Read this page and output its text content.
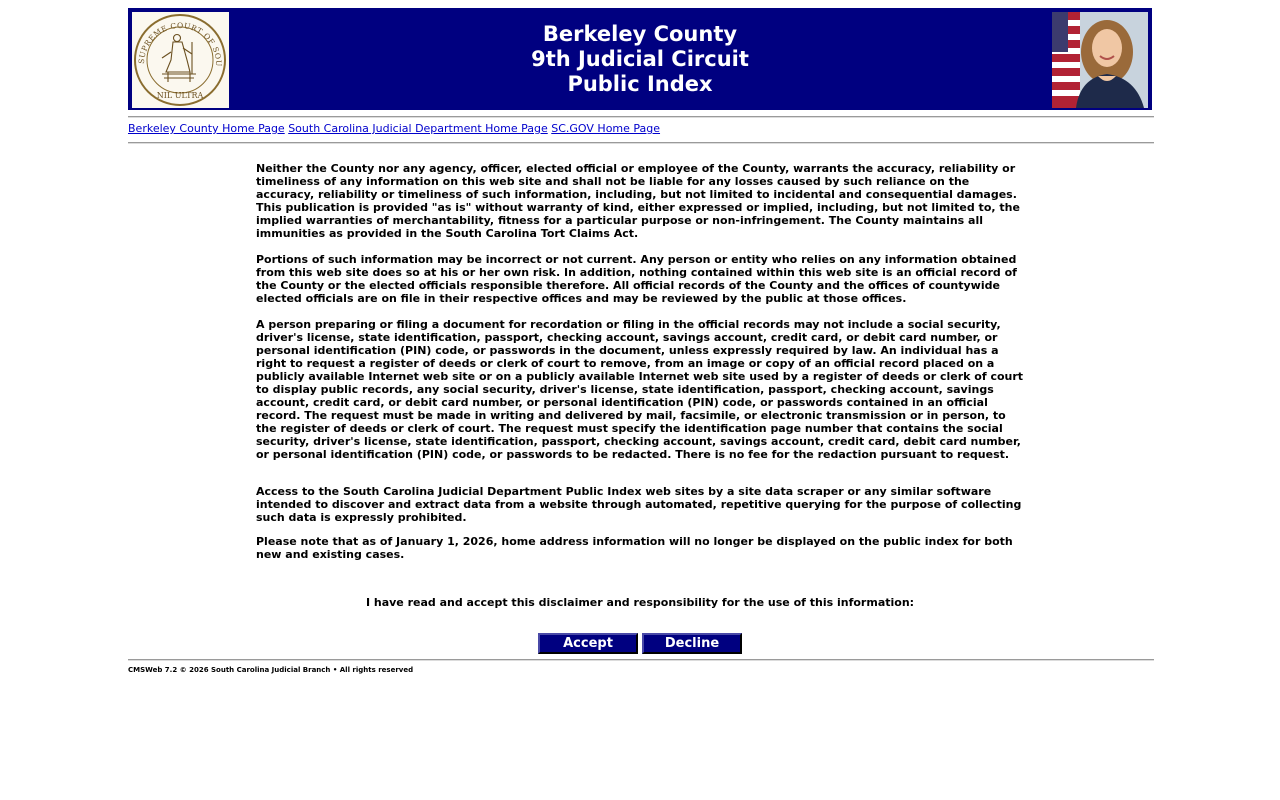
SUPREME COURT OF SOU
NIL ULTRA
Berkeley County
9th Judicial Circuit
Public Index
Berkeley County Home Page South Carolina Judicial Department Home Page SC.GOV Home Page

Neither the County nor any agency, officer, elected official or employee of the County, warrants the accuracy, reliability or timeliness of any information on this web site and shall not be liable for any losses caused by such reliance on the accuracy, reliability or timeliness of such information, including, but not limited to incidental and consequential damages. This publication is provided "as is" without warranty of kind, either expressed or implied, including, but not limited to, the implied warranties of merchantability, fitness for a particular purpose or non-infringement. The County maintains all immunities as provided in the South Carolina Tort Claims Act.

Portions of such information may be incorrect or not current. Any person or entity who relies on any information obtained from this web site does so at his or her own risk. In addition, nothing contained within this web site is an official record of the County or the elected officials responsible therefore. All official records of the County and the offices of countywide elected officials are on file in their respective offices and may be reviewed by the public at those offices.

A person preparing or filing a document for recordation or filing in the official records may not include a social security, driver's license, state identification, passport, checking account, savings account, credit card, or debit card number, or personal identification (PIN) code, or passwords in the document, unless expressly required by law. An individual has a right to request a register of deeds or clerk of court to remove, from an image or copy of an official record placed on a publicly available Internet web site or on a publicly available Internet web site used by a register of deeds or clerk of court to display public records, any social security, driver's license, state identification, passport, checking account, savings account, credit card, or debit card number, or personal identification (PIN) code, or passwords contained in an official record. The request must be made in writing and delivered by mail, facsimile, or electronic transmission or in person, to the register of deeds or clerk of court. The request must specify the identification page number that contains the social security, driver's license, state identification, passport, checking account, savings account, credit card, debit card number, or personal identification (PIN) code, or passwords to be redacted. There is no fee for the redaction pursuant to request.

Access to the South Carolina Judicial Department Public Index web sites by a site data scraper or any similar software intended to discover and extract data from a website through automated, repetitive querying for the purpose of collecting such data is expressly prohibited.

Please note that as of January 1, 2026, home address information will no longer be displayed on the public index for both new and existing cases.

I have read and accept this disclaimer and responsibility for the use of this information:
Accept	Decline
CMSWeb 7.2 © 2026 South Carolina Judicial Branch • All rights reserved
